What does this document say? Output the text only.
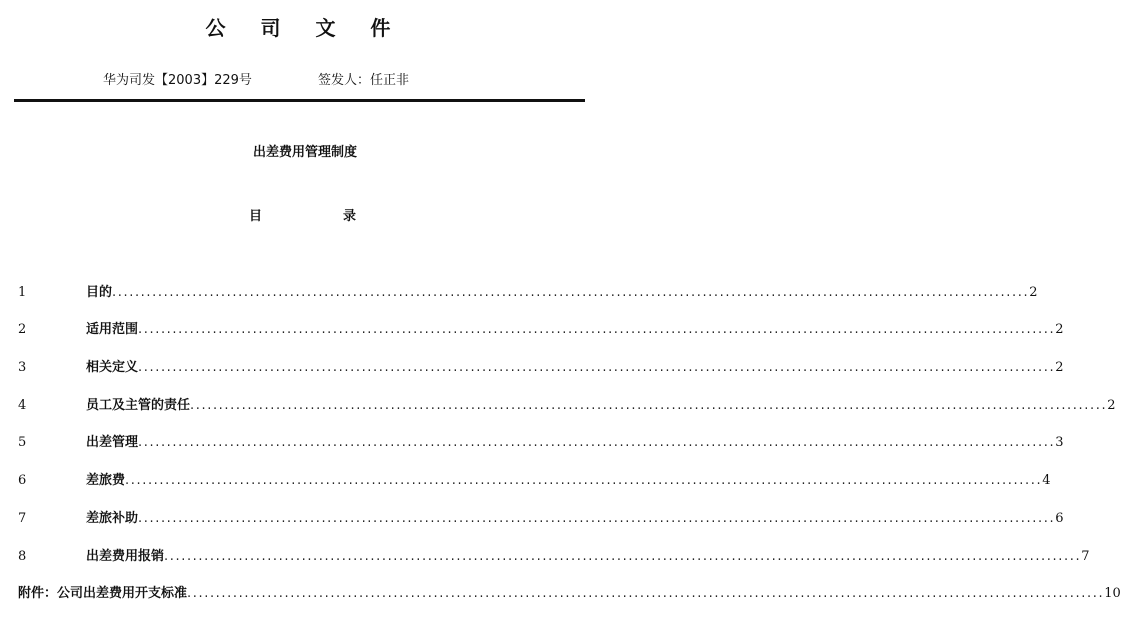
公 司 文 件
华为司发【2003】229号	签发人：任正非
出差费用管理制度
目	录
1	目的 ................................................................................................................................................................ 2
2	适用范围 ................................................................................................................................................................ 2
3	相关定义 ................................................................................................................................................................ 2
4	员工及主管的责任 ................................................................................................................................................................ 2
5	出差管理 ................................................................................................................................................................ 3
6	差旅费 ................................................................................................................................................................ 4
7	差旅补助 ................................................................................................................................................................ 6
8	出差费用报销 ................................................................................................................................................................ 7
附件：公司出差费用开支标准 ................................................................................................................................................................ 10
